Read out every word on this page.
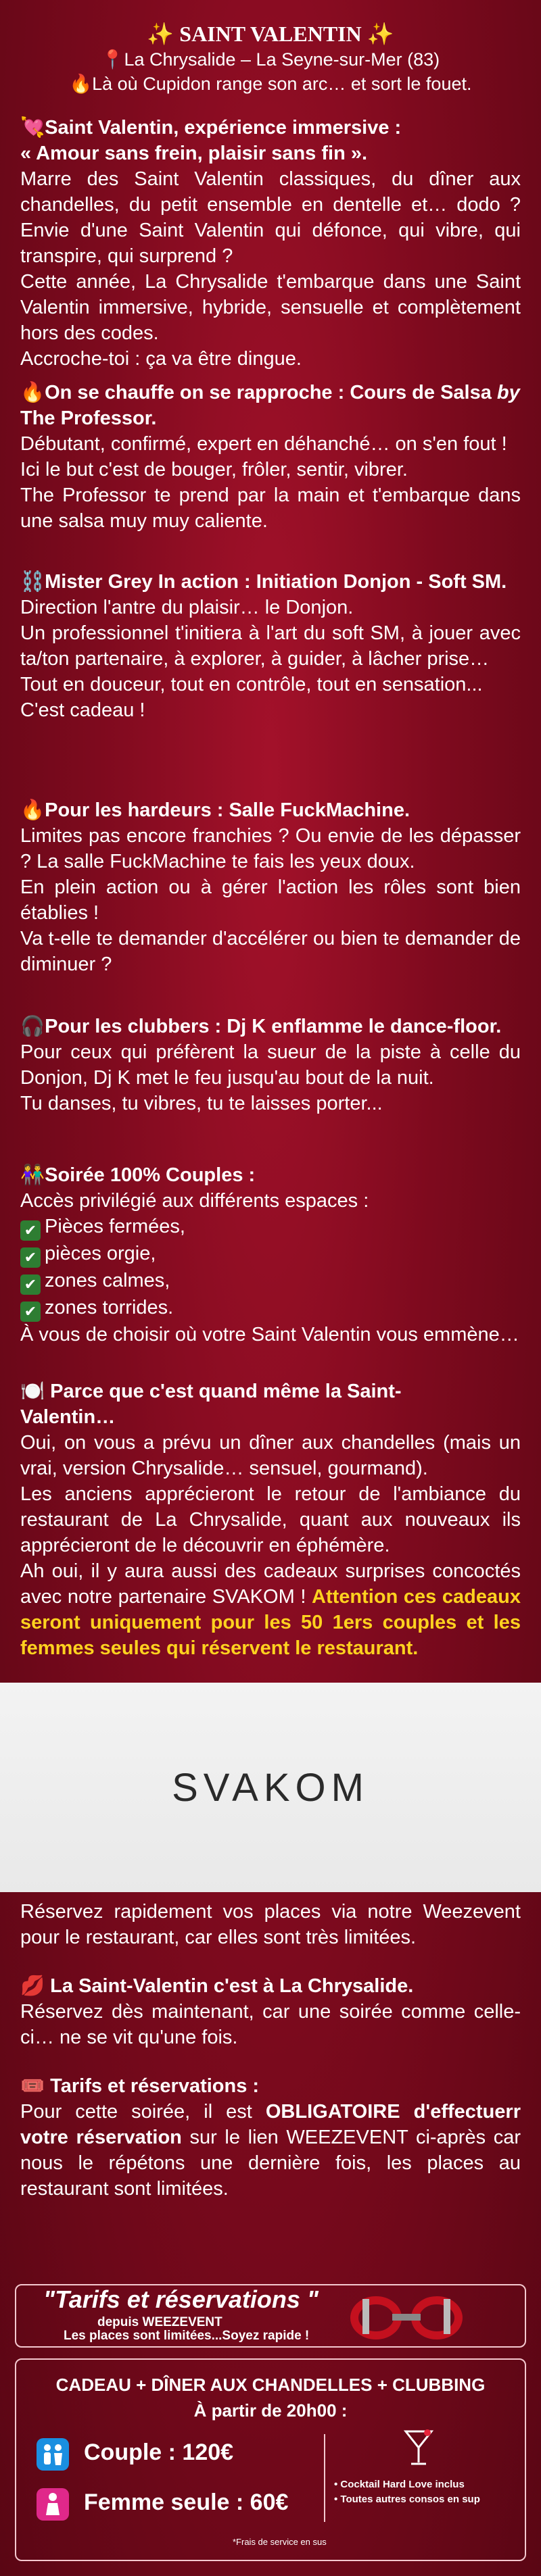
✨ SAINT VALENTIN ✨
📍La Chrysalide – La Seyne-sur-Mer (83)
🔥Là où Cupidon range son arc… et sort le fouet.

💘Saint Valentin, expérience immersive :

« Amour sans frein, plaisir sans fin ».

Marre des Saint Valentin classiques, du dîner aux chandelles, du petit ensemble en dentelle et… dodo ? Envie d'une Saint Valentin qui défonce, qui vibre, qui transpire, qui surprend ?

Cette année, La Chrysalide t'embarque dans une Saint Valentin immersive, hybride, sensuelle et complètement hors des codes.

Accroche-toi : ça va être dingue.

🔥On se chauffe on se rapproche : Cours de Salsa by The Professor.

Débutant, confirmé, expert en déhanché… on s'en fout !

Ici le but c'est de bouger, frôler, sentir, vibrer.

The Professor te prend par la main et t'embarque dans une salsa muy muy caliente.

⛓️Mister Grey In action : Initiation Donjon - Soft SM.

Direction l'antre du plaisir… le Donjon.

Un professionnel t'initiera à l'art du soft SM, à jouer avec ta/ton partenaire, à explorer, à guider, à lâcher prise…

Tout en douceur, tout en contrôle, tout en sensation... C'est cadeau !

🔥Pour les hardeurs : Salle FuckMachine.

Limites pas encore franchies ? Ou envie de les dépasser ? La salle FuckMachine te fais les yeux doux.

En plein action ou à gérer l'action les rôles sont bien établies !

Va t-elle te demander d'accélérer ou bien te demander de diminuer ?

🎧Pour les clubbers : Dj K enflamme le dance-floor.

Pour ceux qui préfèrent la sueur de la piste à celle du Donjon, Dj K met le feu jusqu'au bout de la nuit.

Tu danses, tu vibres, tu te laisses porter...

👫Soirée 100% Couples :

Accès privilégié aux différents espaces :

✔ Pièces fermées,

✔ pièces orgie,

✔ zones calmes,

✔ zones torrides.

À vous de choisir où votre Saint Valentin vous emmène…

🍽️ Parce que c'est quand même la Saint-Valentin…

Oui, on vous a prévu un dîner aux chandelles (mais un vrai, version Chrysalide… sensuel, gourmand).

Les anciens apprécieront le retour de l'ambiance du restaurant de La Chrysalide, quant aux nouveaux ils apprécieront de le découvrir en éphémère.

Ah oui, il y aura aussi des cadeaux surprises concoctés avec notre partenaire SVAKOM ! Attention ces cadeaux seront uniquement pour les 50 1ers couples et les femmes seules qui réservent le restaurant.

SVAKOM

Réservez rapidement vos places via notre Weezevent pour le restaurant, car elles sont très limitées.

💋 La Saint-Valentin c'est à La Chrysalide.

Réservez dès maintenant, car une soirée comme celle-ci… ne se vit qu'une fois.

🎟️ Tarifs et réservations :

Pour cette soirée, il est OBLIGATOIRE d'effectuerr votre réservation sur le lien WEEZEVENT ci-après car nous le répétons une dernière fois, les places au restaurant sont limitées.

"Tarifs et réservations "
depuis WEEZEVENT
Les places sont limitées...Soyez rapide !
CADEAU + DÎNER AUX CHANDELLES + CLUBBING
À partir de 20h00 :
Couple : 120€
Femme seule : 60€
• Cocktail Hard Love inclus
• Toutes autres consos en sup
*Frais de service en sus
